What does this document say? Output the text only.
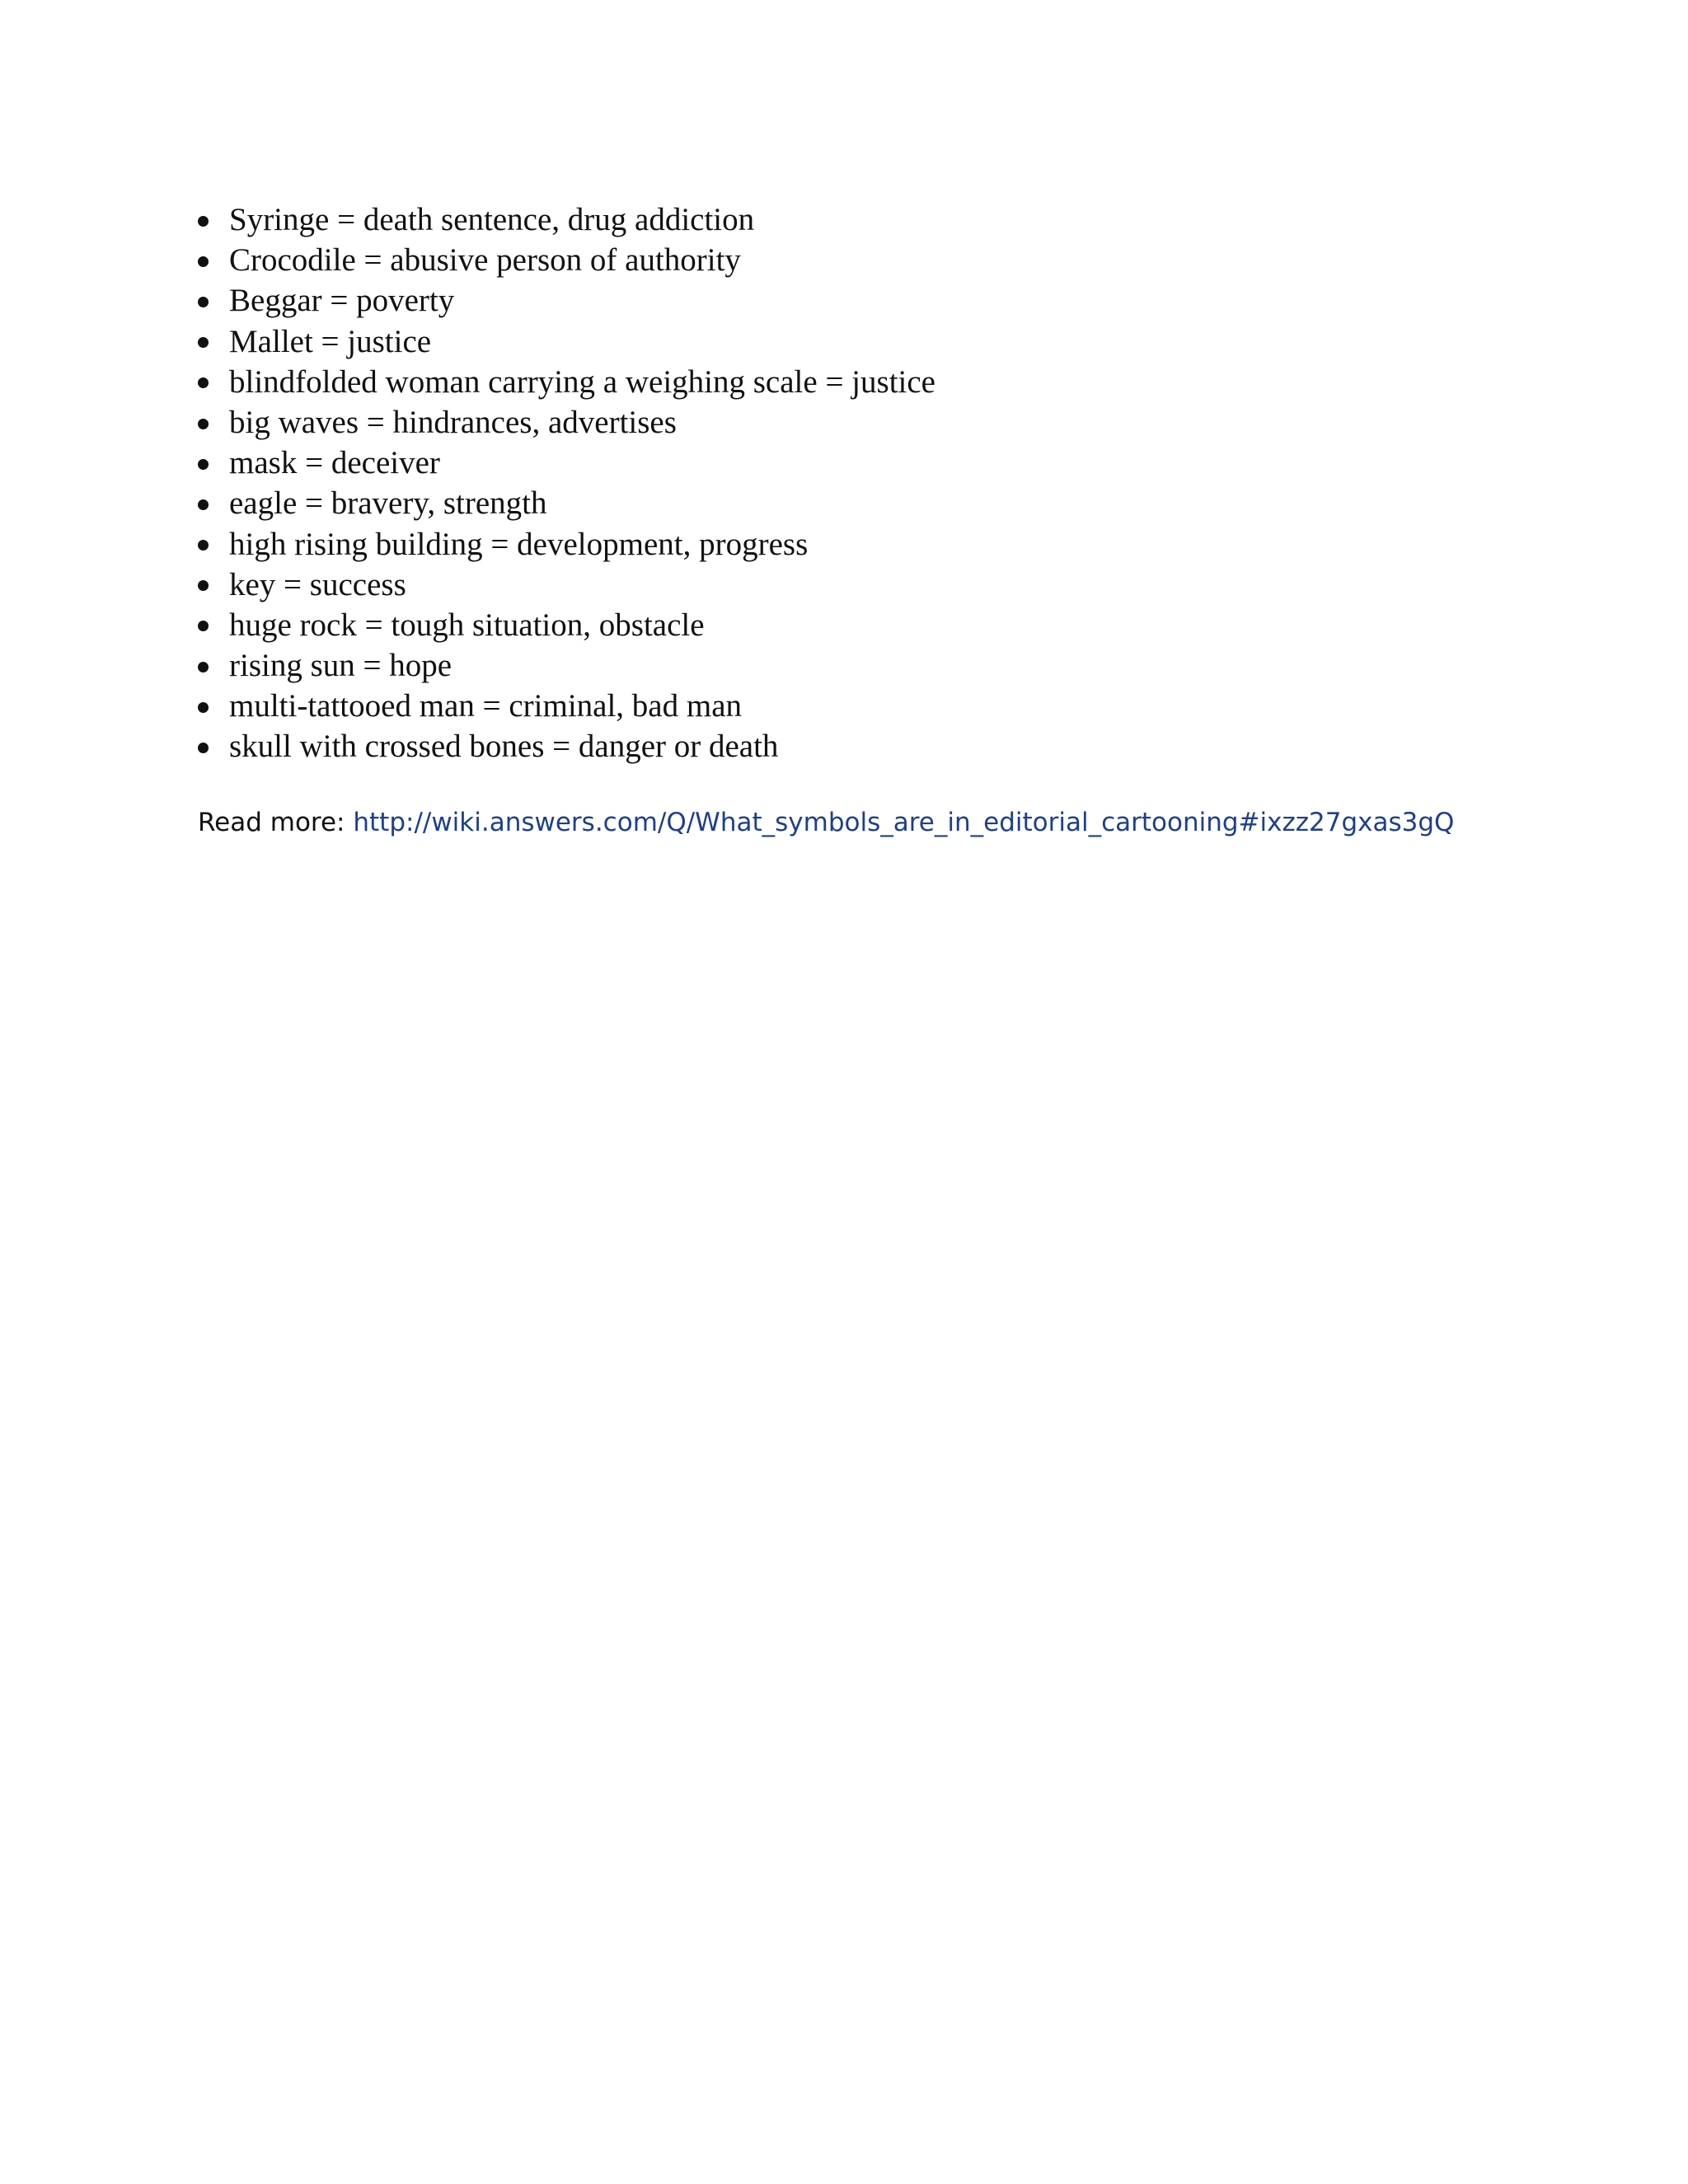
Syringe = death sentence, drug addiction
Crocodile = abusive person of authority
Beggar = poverty
Mallet = justice
blindfolded woman carrying a weighing scale = justice
big waves = hindrances, advertises
mask = deceiver
eagle = bravery, strength
high rising building = development, progress
key = success
huge rock = tough situation, obstacle
rising sun = hope
multi-tattooed man = criminal, bad man
skull with crossed bones = danger or death
Read more: http://wiki.answers.com/Q/What_symbols_are_in_editorial_cartooning#ixzz27gxas3gQ
